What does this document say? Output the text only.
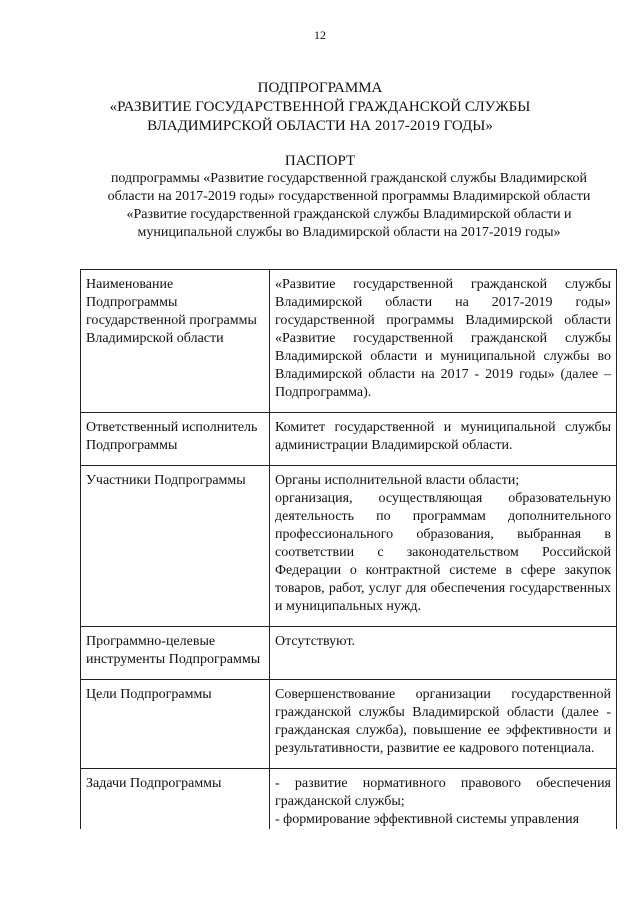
12
ПОДПРОГРАММА
«РАЗВИТИЕ ГОСУДАРСТВЕННОЙ ГРАЖДАНСКОЙ СЛУЖБЫ
ВЛАДИМИРСКОЙ ОБЛАСТИ НА 2017-2019 ГОДЫ»
ПАСПОРТ
подпрограммы «Развитие государственной гражданской службы Владимирской
области на 2017-2019 годы» государственной программы Владимирской области
«Развитие государственной гражданской службы Владимирской области и
муниципальной службы во Владимирской области на 2017-2019 годы»
Наименование Подпрограммы государственной программы Владимирской области	«Развитие государственной гражданской службы Владимирской области на 2017-2019 годы» государственной программы Владимирской области «Развитие государственной гражданской службы Владимирской области и муниципальной службы во Владимирской области на 2017 - 2019 годы» (далее – Подпрограмма).
Ответственный исполнитель Подпрограммы	Комитет государственной и муниципальной службы администрации Владимирской области.
Участники Подпрограммы	Органы исполнительной власти области;
организация, осуществляющая образовательную деятельность по программам дополнительного профессионального образования, выбранная в соответствии с законодательством Российской Федерации о контрактной системе в сфере закупок товаров, работ, услуг для обеспечения государственных и муниципальных нужд.

Программно-целевые инструменты Подпрограммы	Отсутствуют.
Цели Подпрограммы	Совершенствование организации государственной гражданской службы Владимирской области (далее - гражданская служба), повышение ее эффективности и результативности, развитие ее кадрового потенциала.
Задачи Подпрограммы	- развитие нормативного правового обеспечения гражданской службы;
- формирование эффективной системы управления
